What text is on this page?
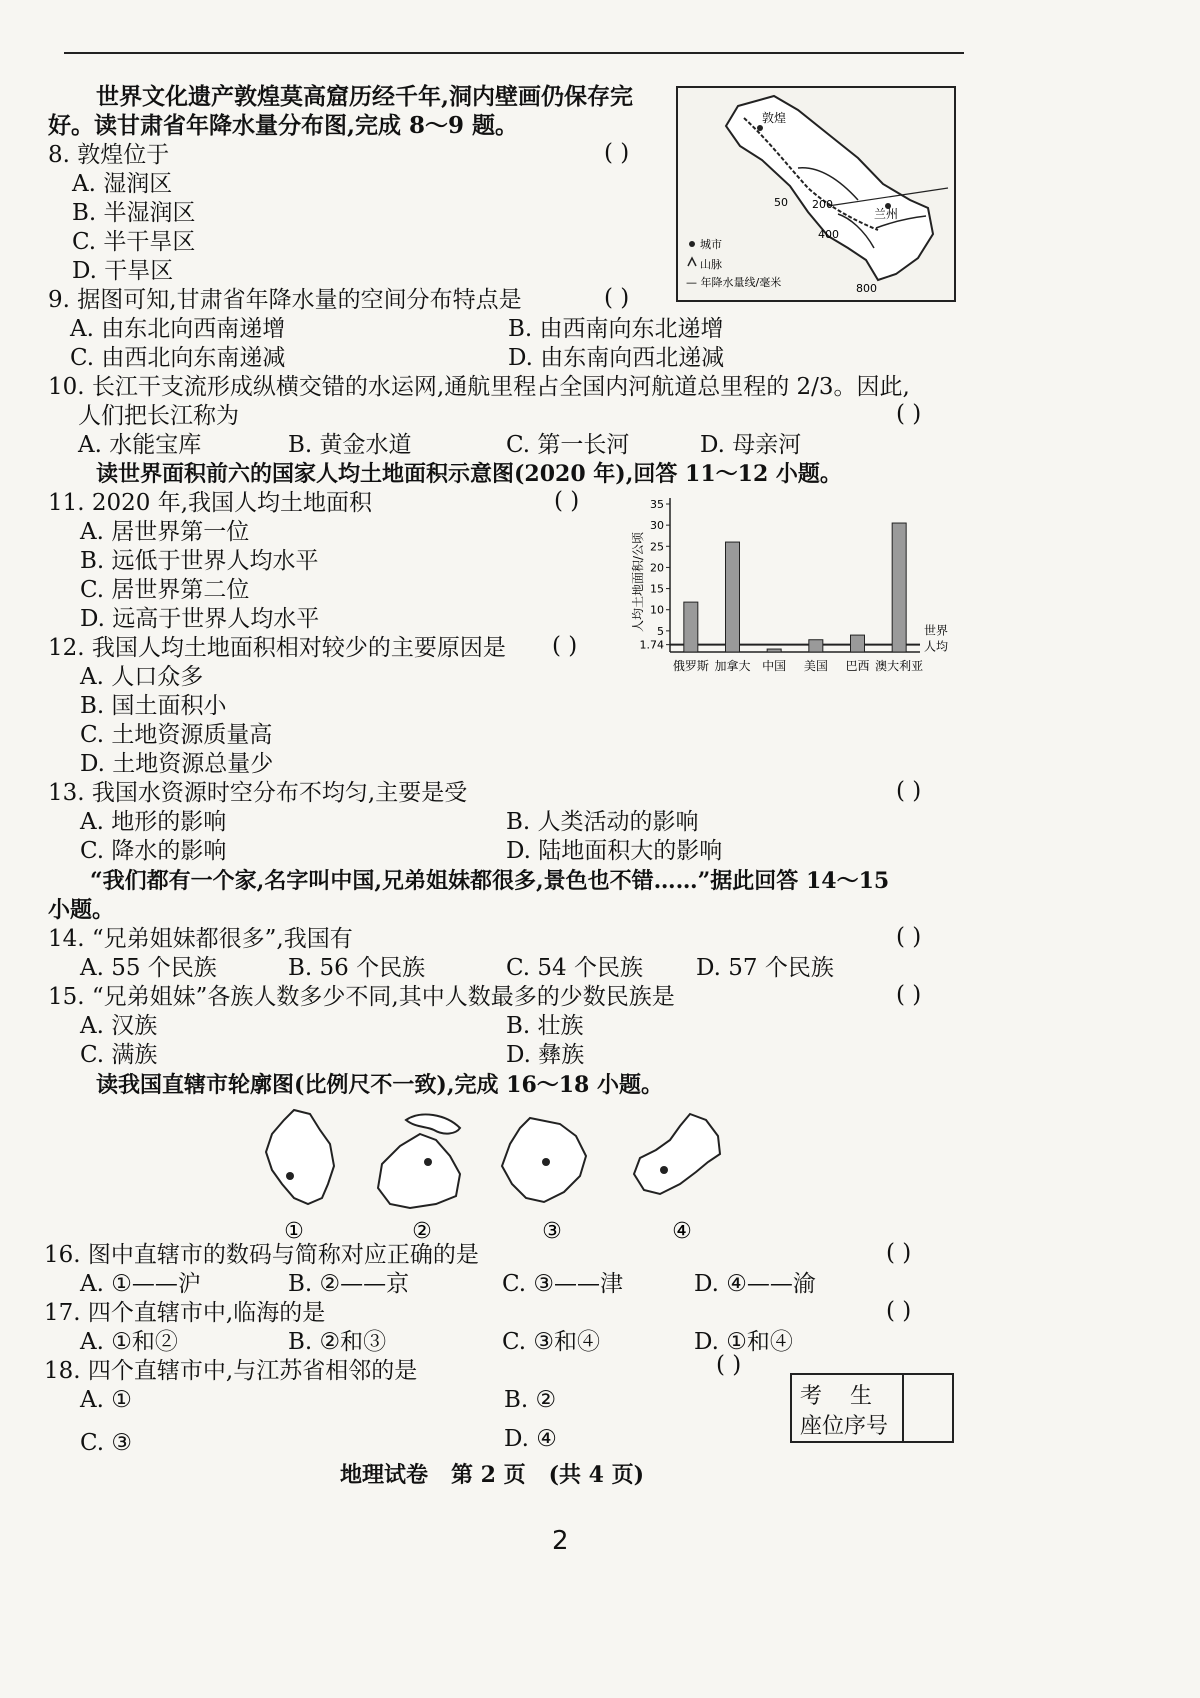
世界文化遗产敦煌莫高窟历经千年,洞内壁画仍保存完
好。读甘肃省年降水量分布图,完成 8～9 题。
8. 敦煌位于	( )
A. 湿润区
B. 半湿润区
C. 半干旱区
D. 干旱区
敦煌
兰州
50 200
400
800
城市
山脉
— 年降水量线/毫米
9. 据图可知,甘肃省年降水量的空间分布特点是	( )
A. 由东北向西南递增	B. 由西南向东北递增
C. 由西北向东南递减	D. 由东南向西北递减
10. 长江干支流形成纵横交错的水运网,通航里程占全国内河航道总里程的 2/3。因此,
人们把长江称为	( )
A. 水能宝库	B. 黄金水道	C. 第一长河	D. 母亲河
读世界面积前六的国家人均土地面积示意图(2020 年),回答 11～12 小题。
11. 2020 年,我国人均土地面积	( )
A. 居世界第一位
B. 远低于世界人均水平
C. 居世界第二位
D. 远高于世界人均水平	人均土地面积/公顷
1.74
5
10
15
20
25
30
35
世界
人均
俄罗斯 加拿大 中国 美国 巴西 澳大利亚
12. 我国人均土地面积相对较少的主要原因是 ( )
A. 人口众多
B. 国土面积小
C. 土地资源质量高
D. 土地资源总量少
13. 我国水资源时空分布不均匀,主要是受	( )
A. 地形的影响	B. 人类活动的影响
C. 降水的影响	D. 陆地面积大的影响
“我们都有一个家,名字叫中国,兄弟姐妹都很多,景色也不错……”据此回答 14～15
小题。
14. “兄弟姐妹都很多”,我国有	( )
A. 55 个民族	B. 56 个民族	C. 54 个民族 D. 57 个民族
15. “兄弟姐妹”各族人数多少不同,其中人数最多的少数民族是	( )
A. 汉族	B. 壮族
C. 满族	D. 彝族
读我国直辖市轮廓图(比例尺不一致),完成 16～18 小题。
①	②	③	④
16. 图中直辖市的数码与简称对应正确的是	( )
A. ①——沪	B. ②——京	C. ③——津	D. ④——渝
17. 四个直辖市中,临海的是	( )
A. ①和②	B. ②和③	C. ③和④	D. ①和④
18. 四个直辖市中,与江苏省相邻的是	( )
A. ①	B. ②
C. ③	D. ④
考    生
座位序号
地理试卷   第 2 页   (共 4 页)
2
